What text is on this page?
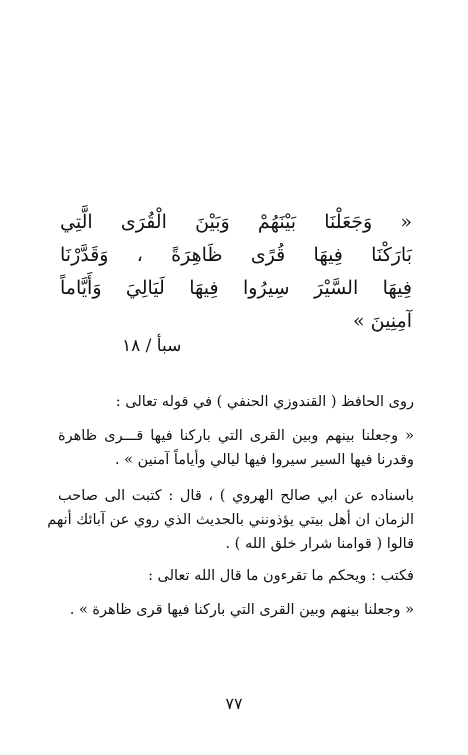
« وَجَعَلْنَا بَيْنَهُمْ وَبَيْنَ الْقُرَى الَّتِي
بَارَكْنَا فِيهَا قُرًى ظَاهِرَةً ، وَقَدَّرْنَا
فِيهَا السَّيْرَ سِيرُوا فِيهَا لَيَالِيَ وَأَيَّاماً
آمِنِينَ »
سبأ / ١٨
روى الحافظ ( القندوزي الحنفي ) في قوله تعالى :
« وجعلنا بينهم وبين القرى التي باركنا فيها قـــرى ظاهرة
وقدرنا فيها السير سيروا فيها ليالي وأياماً آمنين » .
باسناده عن ابي صالح الهروي ) ، قال : كتبت الى صاحب
الزمان ان أهل بيتي يؤذونني بالحديث الذي روي عن آبائك أنهم
قالوا ( قوامنا شرار خلق الله ) .
فكتب : ويحكم ما تقرءون ما قال الله تعالى :
« وجعلنا بينهم وبين القرى التي باركنا فيها قرى ظاهرة » .
٧٧
